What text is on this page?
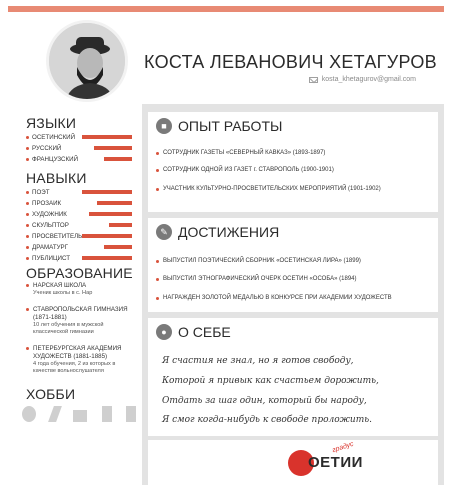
КОСТА ЛЕВАНОВИЧ ХЕТАГУРОВ
kosta_khetagurov@gmail.com
ЯЗЫКИ
ОСЕТИНСКИЙ
РУССКИЙ
ФРАНЦУЗСКИЙ
НАВЫКИ
ПОЭТ
ПРОЗАИК
ХУДОЖНИК
СКУЛЬПТОР
ПРОСВЕТИТЕЛЬ
ДРАМАТУРГ
ПУБЛИЦИСТ
ОБРАЗОВАНИЕ
НАРСКАЯ ШКОЛА
Ученик школы в с. Нар
СТАВРОПОЛЬСКАЯ ГИМНАЗИЯ (1871-1881)
10 лет обучения в мужской классической гимназии
ПЕТЕРБУРГСКАЯ АКАДЕМИЯ ХУДОЖЕСТВ (1881-1885)
4 года обучения, 2 из которых в качестве вольнослушателя
ХОББИ
■ ОПЫТ РАБОТЫ
СОТРУДНИК ГАЗЕТЫ «СЕВЕРНЫЙ КАВКАЗ» (1893-1897)
СОТРУДНИК ОДНОЙ ИЗ ГАЗЕТ г. СТАВРОПОЛЬ (1900-1901)
УЧАСТНИК КУЛЬТУРНО-ПРОСВЕТИТЕЛЬСКИХ МЕРОПРИЯТИЙ (1901-1902)
✎ ДОСТИЖЕНИЯ
ВЫПУСТИЛ ПОЭТИЧЕСКИЙ СБОРНИК «ОСЕТИНСКАЯ ЛИРА» (1899)
ВЫПУСТИЛ ЭТНОГРАФИЧЕСКИЙ ОЧЕРК ОСЕТИН «ОСОБА» (1894)
НАГРАЖДЕН ЗОЛОТОЙ МЕДАЛЬЮ В КОНКУРСЕ ПРИ АКАДЕМИИ ХУДОЖЕСТВ
● О СЕБЕ
Я счастия не знал, но я готов свободу,
Которой я привык как счастьем дорожить,
Отдать за шаг один, который бы народу,
Я смог когда-нибудь к свободе проложить.
ОЕТИИ
градус
